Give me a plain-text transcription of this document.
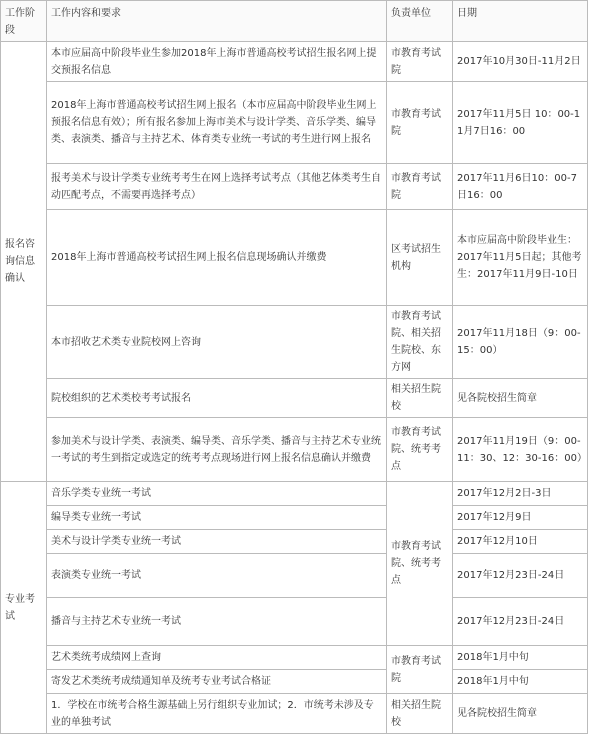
工作阶段	工作内容和要求	负责单位	日期
报名咨询信息确认	本市应届高中阶段毕业生参加2018年上海市普通高校考试招生报名网上提交预报名信息	市教育考试院	2017年10月30日-11月2日
	2018年上海市普通高校考试招生网上报名（本市应届高中阶段毕业生网上预报名信息有效）；所有报名参加上海市美术与设计学类、音乐学类、编导类、表演类、播音与主持艺术、体育类专业统一考试的考生进行网上报名	市教育考试院	2017年11月5日 10：00-11月7日16：00
	报考美术与设计学类专业统考考生在网上选择考试考点（其他艺体类考生自动匹配考点，不需要再选择考点）	市教育考试院	2017年11月6日10：00-7日16：00
	2018年上海市普通高校考试招生网上报名信息现场确认并缴费	区考试招生机构	本市应届高中阶段毕业生：2017年11月5日起；其他考生：2017年11月9日-10日
	本市招收艺术类专业院校网上咨询	市教育考试院、相关招生院校、东方网	2017年11月18日（9：00-15：00）
	院校组织的艺术类校考考试报名	相关招生院校	见各院校招生简章
	参加美术与设计学类、表演类、编导类、音乐学类、播音与主持艺术专业统一考试的考生到指定或选定的统考考点现场进行网上报名信息确认并缴费	市教育考试院、统考考点	2017年11月19日（9：00-11：30、12：30-16：00）

专业考试	音乐学类专业统一考试	市教育考试院、统考考点	2017年12月2日-3日
	编导类专业统一考试		2017年12月9日
	美术与设计学类专业统一考试		2017年12月10日
	表演类专业统一考试		2017年12月23日-24日
	播音与主持艺术专业统一考试		2017年12月23日-24日

	艺术类统考成绩网上查询	市教育考试院	2018年1月中旬
	寄发艺术类统考成绩通知单及统考专业考试合格证		2018年1月中旬
	1．学校在市统考合格生源基础上另行组织专业加试；2．市统考未涉及专业的单独考试	相关招生院校	见各院校招生简章
